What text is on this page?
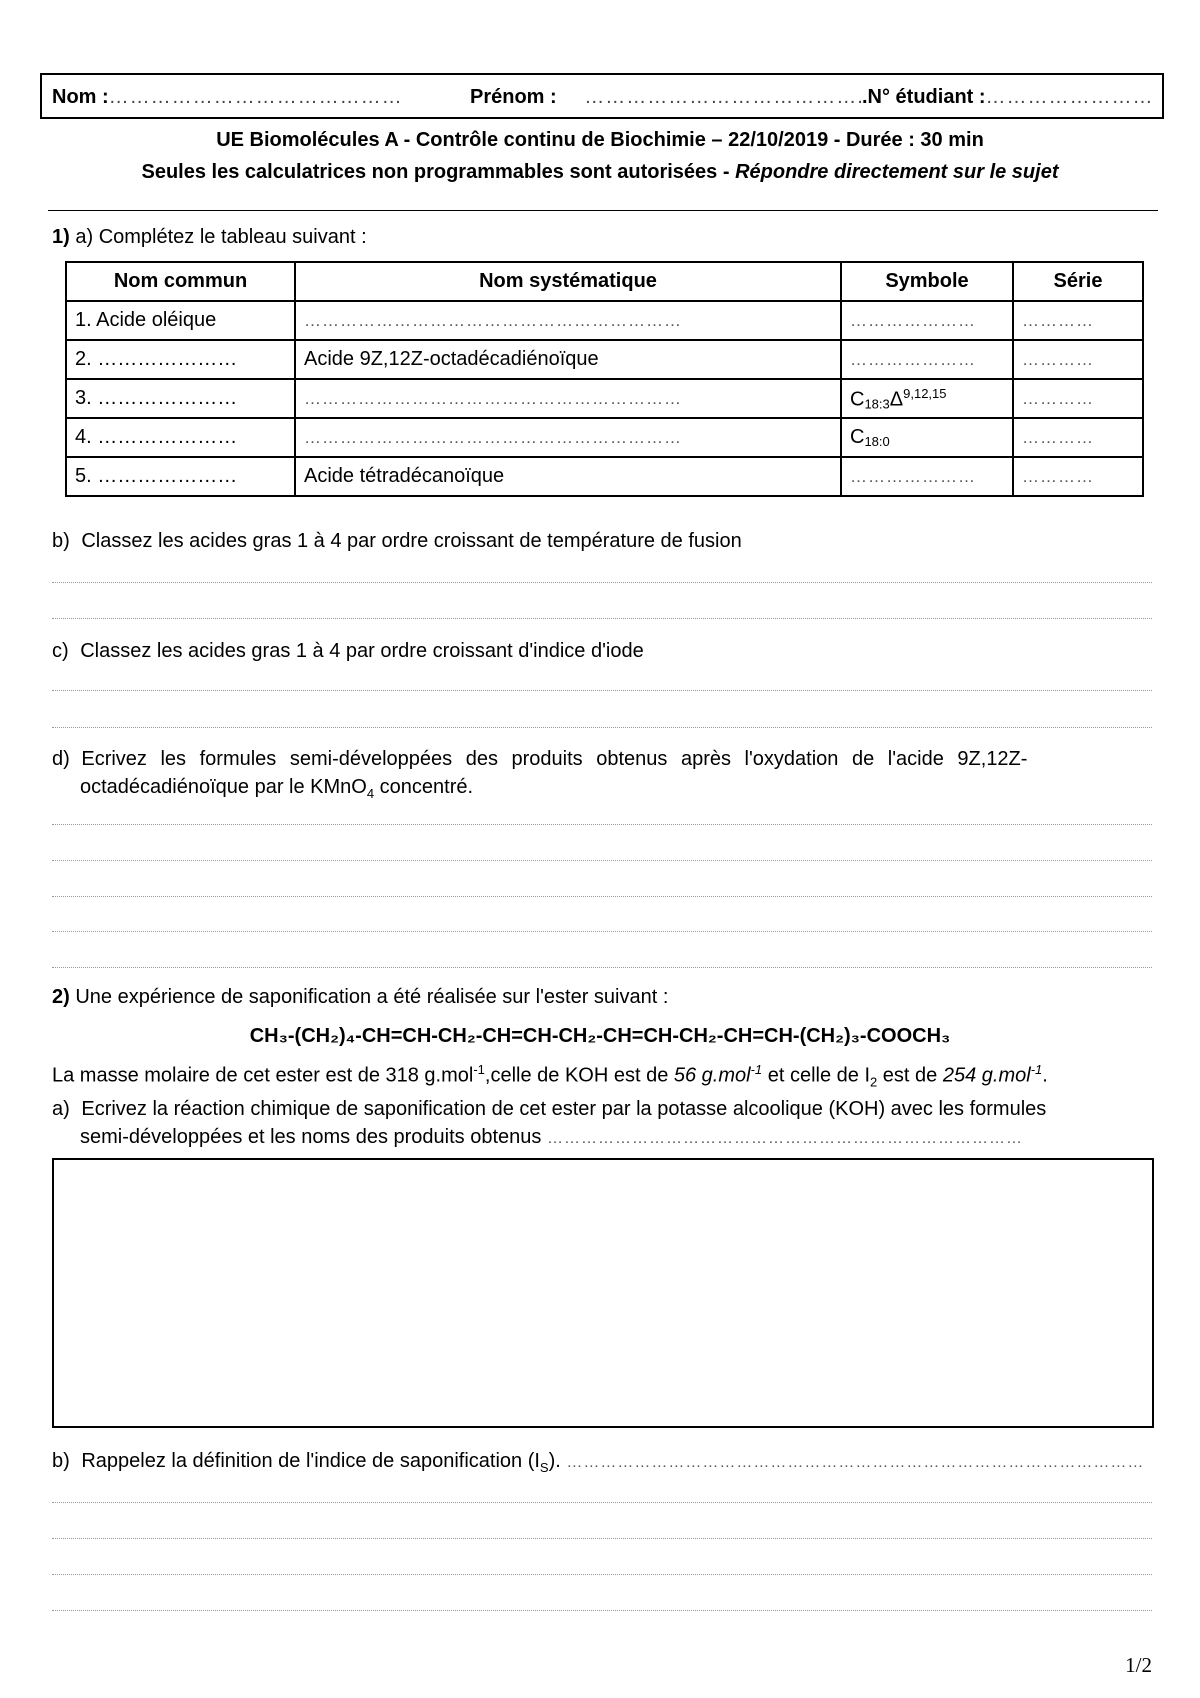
Nom :……………………………………	Prénom : ………………………………….
.N° étudiant :……………………
UE Biomolécules A - Contrôle continu de Biochimie – 22/10/2019 - Durée : 30 min
Seules les calculatrices non programmables sont autorisées - Répondre directement sur le sujet
1) a) Complétez le tableau suivant :
Nom commun	Nom systématique	Symbole	Série
1. Acide oléique	………………………………………………………	…………………	…………
2. …………………	Acide 9Z,12Z-octadécadiénoïque	…………………	…………
3. …………………	………………………………………………………	$C_{18:3}\Delta^{9,12,15}$	…………
4. …………………	………………………………………………………	$C_{18:0}$	…………
5. …………………	Acide tétradécanoïque	…………………	…………
b) Classez les acides gras 1 à 4 par ordre croissant de température de fusion
c) Classez les acides gras 1 à 4 par ordre croissant d'indice d'iode
d) Ecrivez les formules semi-développées des produits obtenus après l'oxydation de l'acide 9Z,12Z-
octadécadiénoïque par le KMnO$_4$ concentré.
2) Une expérience de saponification a été réalisée sur l'ester suivant :
CH₃-(CH₂)₄-CH=CH-CH₂-CH=CH-CH₂-CH=CH-CH₂-CH=CH-(CH₂)₃-COOCH₃
La masse molaire de cet ester est de 318 g.mol$^{-1}$,celle de KOH est de 56 g.mol$^{-1}$ et celle de $I_2$ est de 254 g.mol$^{-1}$.
a) Ecrivez la réaction chimique de saponification de cet ester par la potasse alcoolique (KOH) avec les formules
semi-développées et les noms des produits obtenus …………………………………………………………………………
b) Rappelez la définition de l'indice de saponification $(I_S)$. …………………………………………………………………………………………
1/2
